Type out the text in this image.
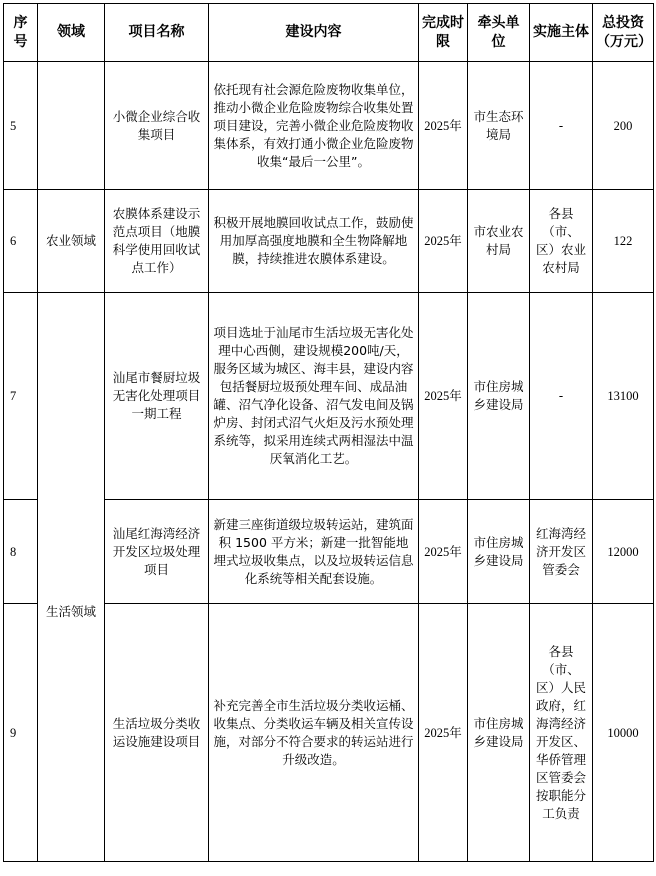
序号	领域	项目名称	建设内容	完成时限	牵头单位	实施主体	总投资（万元）
5		小微企业综合收集项目	依托现有社会源危险废物收集单位，推动小微企业危险废物综合收集处置项目建设，完善小微企业危险废物收集体系，有效打通小微企业危险废物收集“最后一公里”。	2025年	市生态环境局	-	200
6	农业领域	农膜体系建设示范点项目（地膜科学使用回收试点工作）	积极开展地膜回收试点工作，鼓励使用加厚高强度地膜和全生物降解地膜，持续推进农膜体系建设。	2025年	市农业农村局	各县（市、区）农业农村局	122
7	生活领域	汕尾市餐厨垃圾无害化处理项目一期工程	项目选址于汕尾市生活垃圾无害化处理中心西侧，建设规模200吨/天，服务区域为城区、海丰县，建设内容包括餐厨垃圾预处理车间、成品油罐、沼气净化设备、沼气发电间及锅炉房、封闭式沼气火炬及污水预处理系统等，拟采用连续式两相湿法中温厌氧消化工艺。	2025年	市住房城乡建设局	-	13100
8		汕尾红海湾经济开发区垃圾处理项目	新建三座街道级垃圾转运站，建筑面积 1500 平方米；新建一批智能地埋式垃圾收集点，以及垃圾转运信息化系统等相关配套设施。	2025年	市住房城乡建设局	红海湾经济开发区管委会	12000
9		生活垃圾分类收运设施建设项目	补充完善全市生活垃圾分类收运桶、收集点、分类收运车辆及相关宣传设施，对部分不符合要求的转运站进行升级改造。	2025年	市住房城乡建设局	各县（市、区）人民政府，红海湾经济开发区、华侨管理区管委会按职能分工负责	10000
